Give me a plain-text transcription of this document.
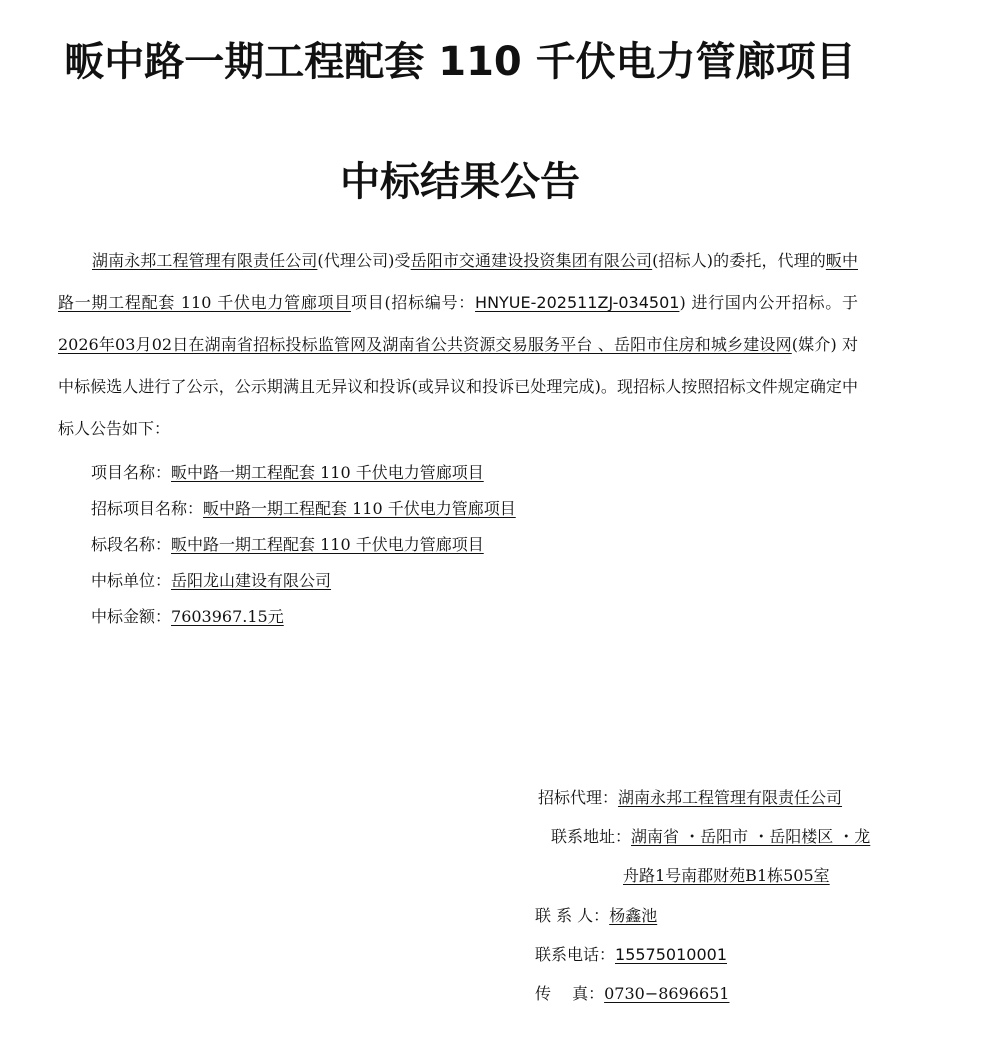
畈中路一期工程配套 110 千伏电力管廊项目
中标结果公告

湖南永邦工程管理有限责任公司(代理公司)受岳阳市交通建设投资集团有限公司(招标人)的委托，代理的畈中路一期工程配套 110 千伏电力管廊项目项目(招标编号：HNYUE-202511ZJ-034501) 进行国内公开招标。于2026年03月02日在湖南省招标投标监管网及湖南省公共资源交易服务平台 、岳阳市住房和城乡建设网(媒介) 对中标候选人进行了公示，公示期满且无异议和投诉(或异议和投诉已处理完成)。现招标人按照招标文件规定确定中标人公告如下：

项目名称：畈中路一期工程配套 110 千伏电力管廊项目
招标项目名称：畈中路一期工程配套 110 千伏电力管廊项目
标段名称：畈中路一期工程配套 110 千伏电力管廊项目
中标单位：岳阳龙山建设有限公司
中标金额：7603967.15元
招标代理：湖南永邦工程管理有限责任公司
联系地址：湖南省 ・岳阳市 ・岳阳楼区 ・龙
舟路1号南郡财苑B1栋505室
联 系 人：杨鑫池
联系电话：15575010001
传　 真：0730−8696651
